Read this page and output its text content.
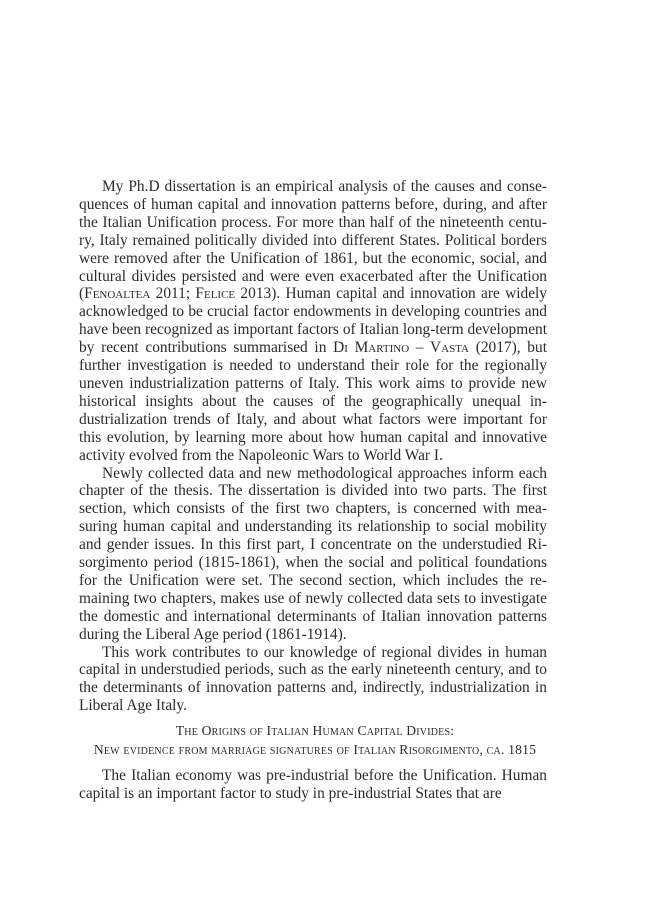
My Ph.D dissertation is an empirical analysis of the causes and consequences of human capital and innovation patterns before, during, and after the Italian Unification process. For more than half of the nineteenth century, Italy remained politically divided into different States. Political borders were removed after the Unification of 1861, but the economic, social, and cultural divides persisted and were even exacerbated after the Unification (Fenoaltea 2011; Felice 2013). Human capital and innovation are widely acknowledged to be crucial factor endowments in developing countries and have been recognized as important factors of Italian long-term development by recent contributions summarised in Di Martino – Vasta (2017), but further investigation is needed to understand their role for the regionally uneven industrialization patterns of Italy. This work aims to provide new historical insights about the causes of the geographically unequal industrialization trends of Italy, and about what factors were important for this evolution, by learning more about how human capital and innovative activity evolved from the Napoleonic Wars to World War I.

Newly collected data and new methodological approaches inform each chapter of the thesis. The dissertation is divided into two parts. The first section, which consists of the first two chapters, is concerned with measuring human capital and understanding its relationship to social mobility and gender issues. In this first part, I concentrate on the understudied Risorgimento period (1815-1861), when the social and political foundations for the Unification were set. The second section, which includes the remaining two chapters, makes use of newly collected data sets to investigate the domestic and international determinants of Italian innovation patterns during the Liberal Age period (1861-1914).

This work contributes to our knowledge of regional divides in human capital in understudied periods, such as the early nineteenth century, and to the determinants of innovation patterns and, indirectly, industrialization in Liberal Age Italy.

The Origins of Italian Human Capital Divides:
New evidence from marriage signatures of Italian Risorgimento, ca. 1815

The Italian economy was pre-industrial before the Unification. Human capital is an important factor to study in pre-industrial States that are
